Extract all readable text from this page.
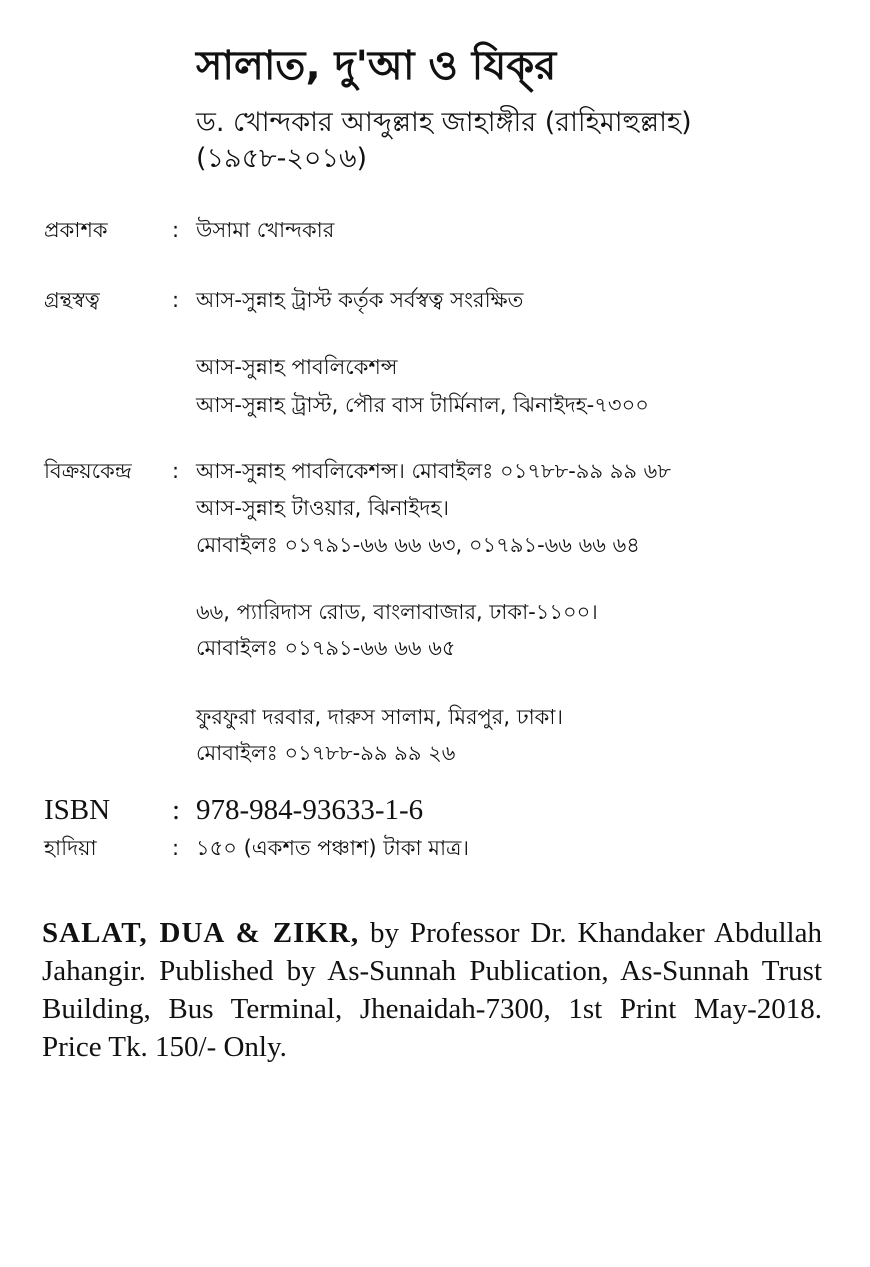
সালাত, দু'আ ও যিক্‌র
ড. খোন্দকার আব্দুল্লাহ জাহাঙ্গীর (রাহিমাহুল্লাহ)
(১৯৫৮-২০১৬)
প্রকাশক	: উসামা খোন্দকার
গ্রন্থস্বত্ব	: আস-সুন্নাহ ট্রাস্ট কর্তৃক সর্বস্বত্ব সংরক্ষিত
আস-সুন্নাহ পাবলিকেশন্স
আস-সুন্নাহ ট্রাস্ট, পৌর বাস টার্মিনাল, ঝিনাইদহ-৭৩০০
বিক্রয়কেন্দ্র : আস-সুন্নাহ পাবলিকেশন্স। মোবাইলঃ ০১৭৮৮-৯৯ ৯৯ ৬৮
আস-সুন্নাহ টাওয়ার, ঝিনাইদহ।
মোবাইলঃ ০১৭৯১-৬৬ ৬৬ ৬৩, ০১৭৯১-৬৬ ৬৬ ৬৪
৬৬, প্যারিদাস রোড, বাংলাবাজার, ঢাকা-১১০০।
মোবাইলঃ ০১৭৯১-৬৬ ৬৬ ৬৫
ফুরফুরা দরবার, দারুস সালাম, মিরপুর, ঢাকা।
মোবাইলঃ ০১৭৮৮-৯৯ ৯৯ ২৬
ISBN : 978-984-93633-1-6
হাদিয়া	: ১৫০ (একশত পঞ্চাশ) টাকা মাত্র।
SALAT, DUA & ZIKR, by Professor Dr. Khandaker Abdullah Jahangir. Published by As-Sunnah Publication, As-Sunnah Trust Building, Bus Terminal, Jhenaidah-7300, 1st Print May-2018. Price Tk. 150/- Only.
